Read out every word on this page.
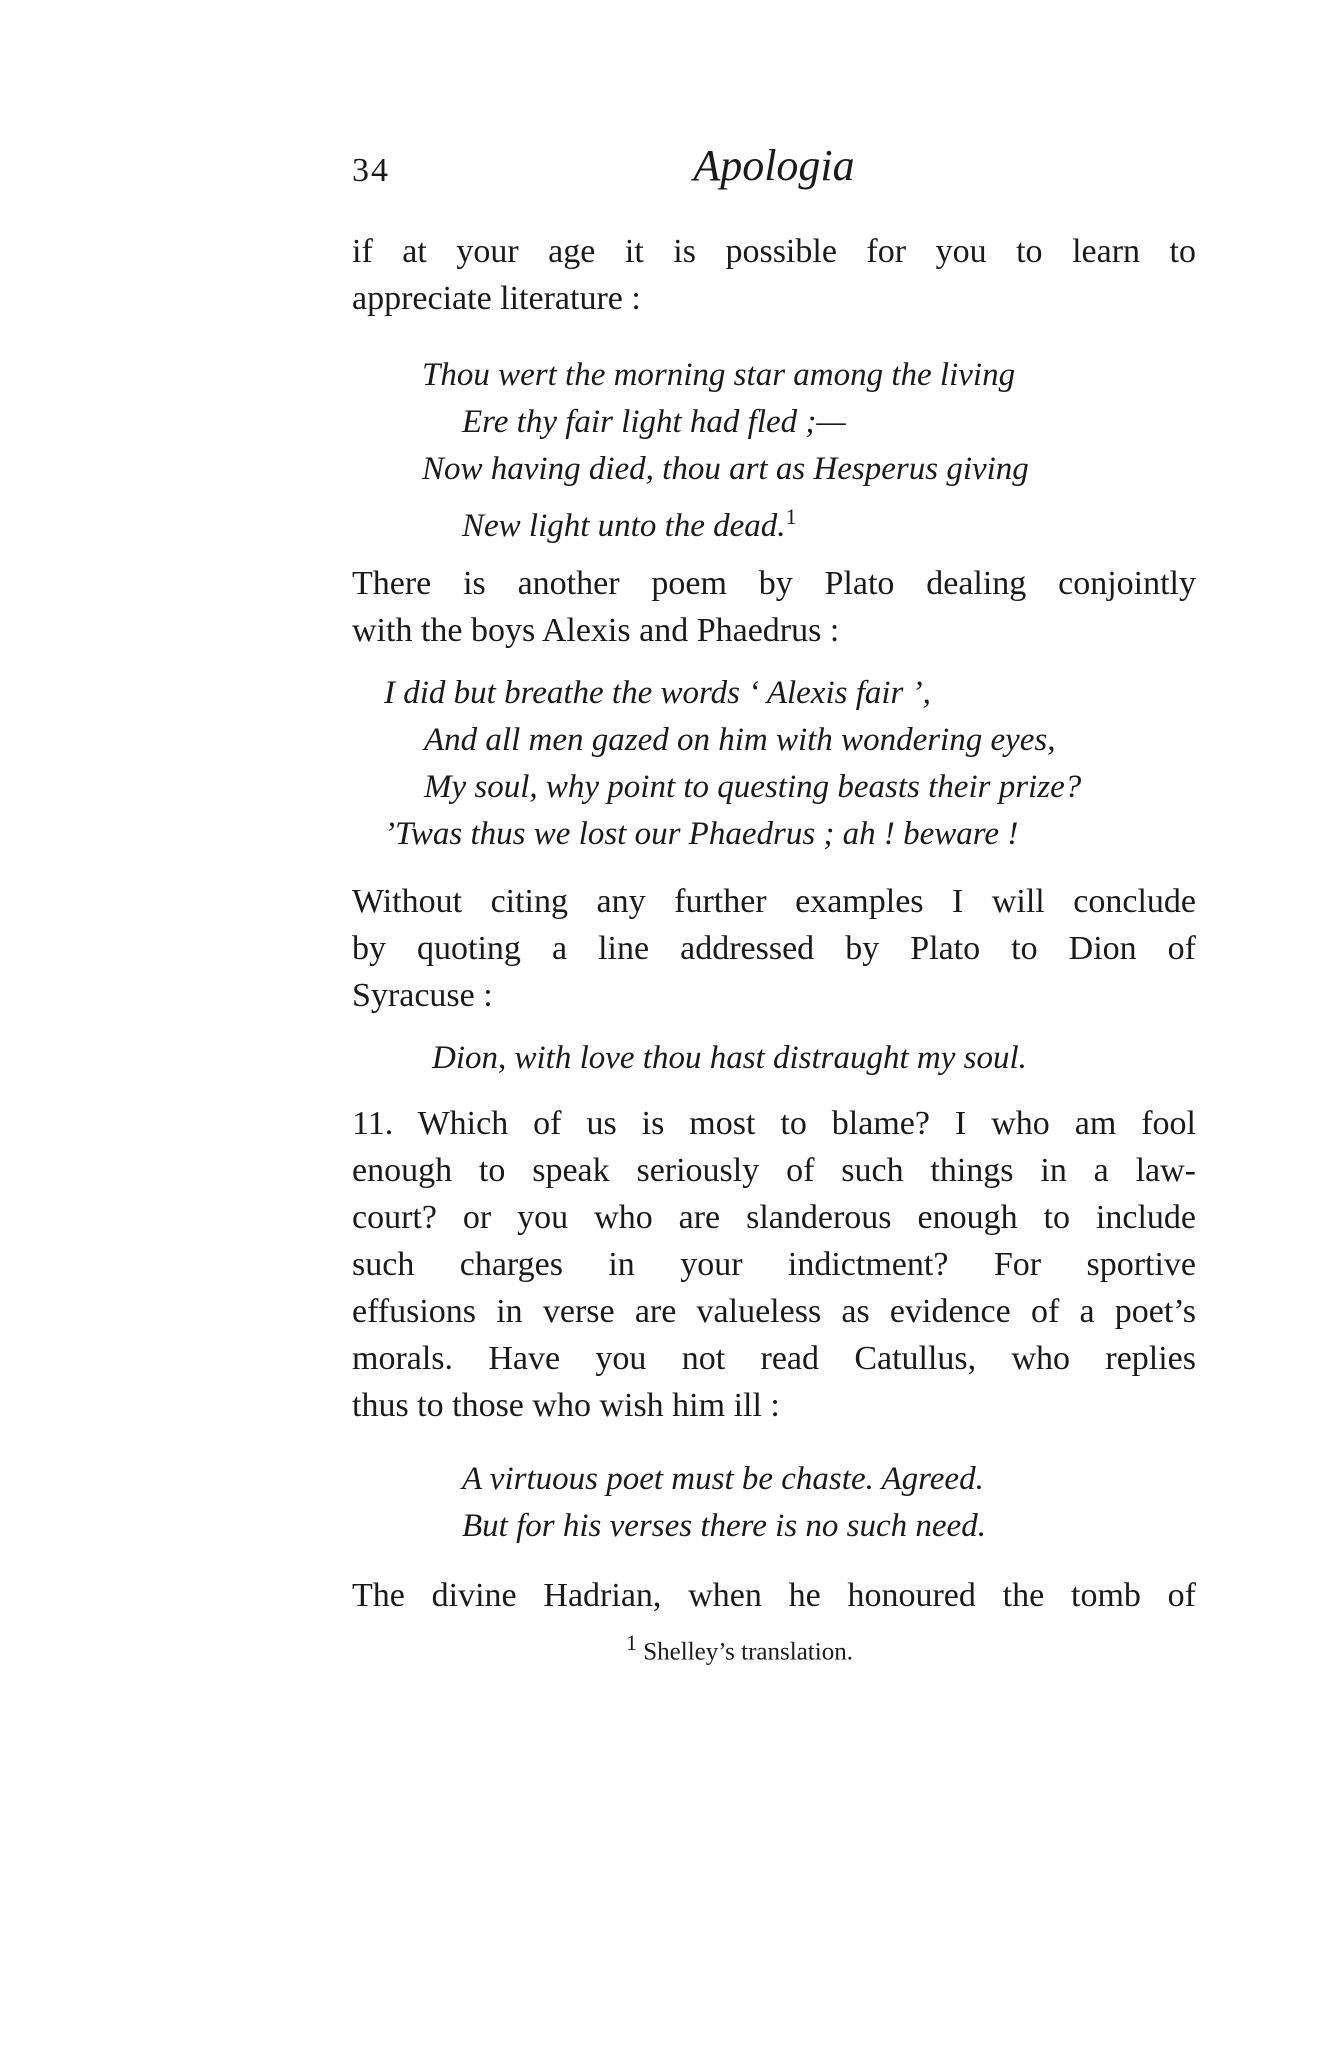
34	Apologia
if at your age it is possible for you to learn to
appreciate literature :
Thou wert the morning star among the living
Ere thy fair light had fled ;—
Now having died, thou art as Hesperus giving
New light unto the dead.$^1$
There is another poem by Plato dealing conjointly
with the boys Alexis and Phaedrus :
I did but breathe the words ‘ Alexis fair ’,
And all men gazed on him with wondering eyes,
My soul, why point to questing beasts their prize?
’Twas thus we lost our Phaedrus ; ah ! beware !
Without citing any further examples I will conclude
by quoting a line addressed by Plato to Dion of
Syracuse :
Dion, with love thou hast distraught my soul.
11. Which of us is most to blame? I who am fool
enough to speak seriously of such things in a law-
court? or you who are slanderous enough to include
such charges in your indictment? For sportive
effusions in verse are valueless as evidence of a poet’s
morals. Have you not read Catullus, who replies
thus to those who wish him ill :
A virtuous poet must be chaste. Agreed.
But for his verses there is no such need.
The divine Hadrian, when he honoured the tomb of
$^1$ Shelley’s translation.
